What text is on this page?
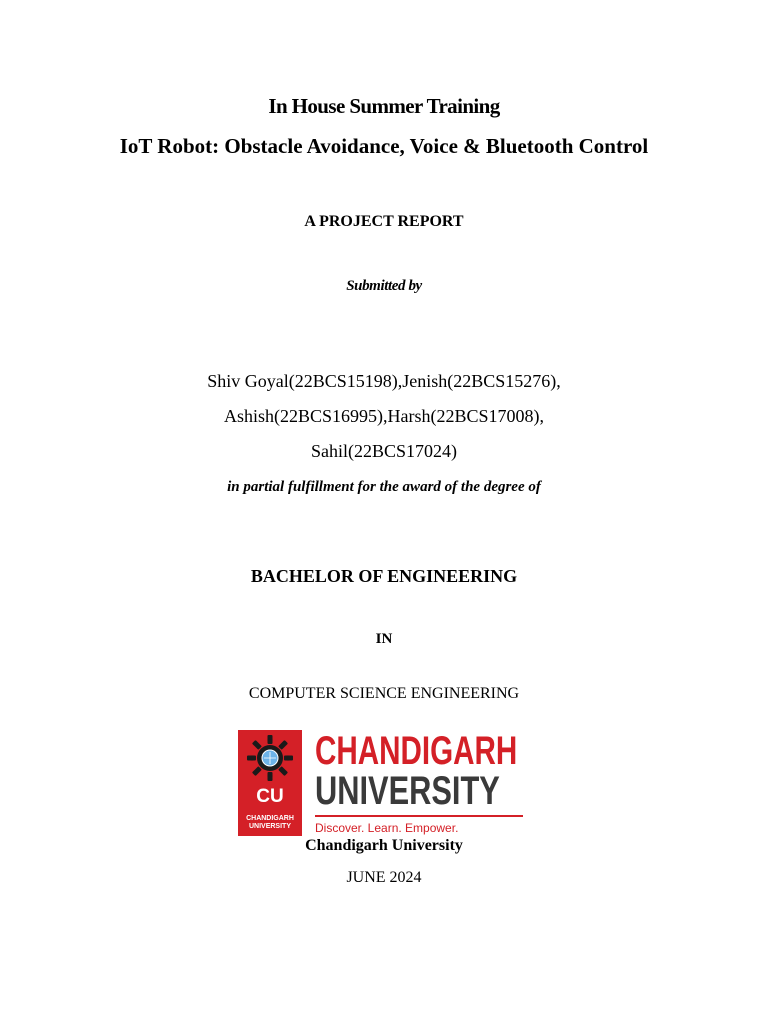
In House Summer Training
IoT Robot: Obstacle Avoidance, Voice & Bluetooth Control
A PROJECT REPORT
Submitted by
Shiv Goyal(22BCS15198),Jenish(22BCS15276),
Ashish(22BCS16995),Harsh(22BCS17008),
Sahil(22BCS17024)
in partial fulfillment for the award of the degree of
BACHELOR OF ENGINEERING
IN
COMPUTER SCIENCE ENGINEERING
CU
CHANDIGARH
UNIVERSITY
CHANDIGARH
UNIVERSITY
Discover. Learn. Empower.
Chandigarh University
JUNE 2024
